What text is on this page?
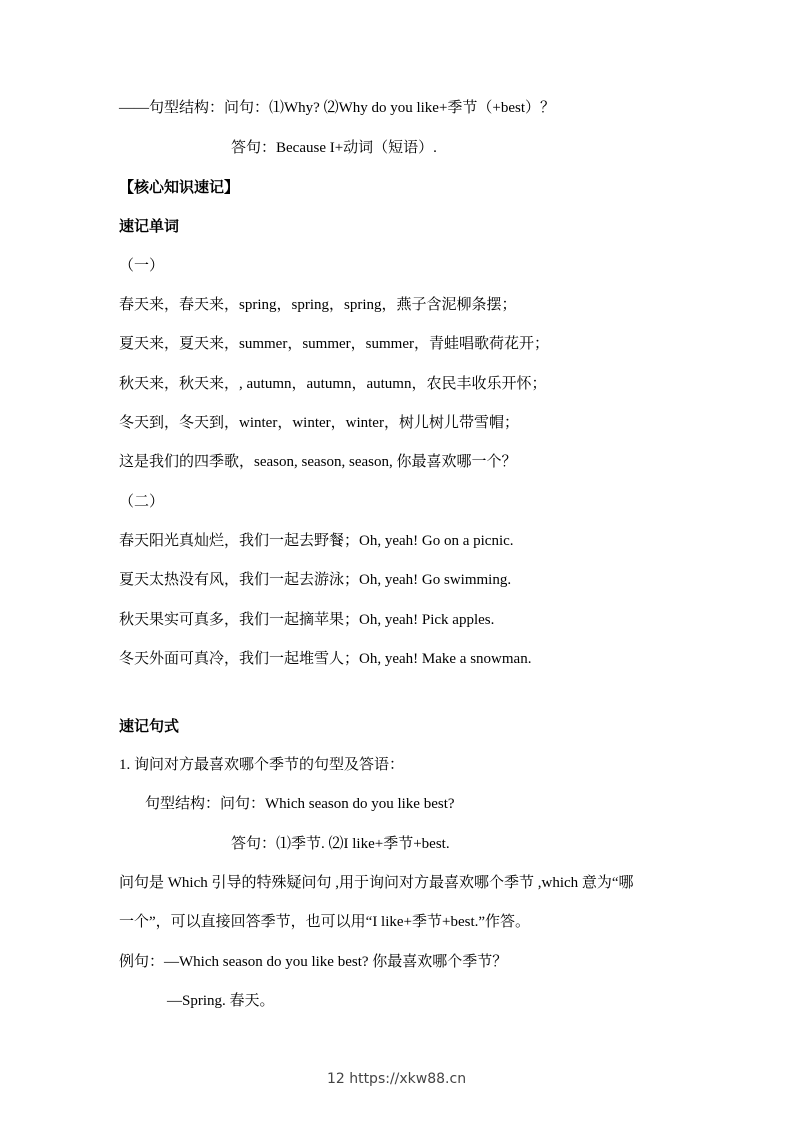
——句型结构：问句：⑴Why? ⑵Why do you like+季节（+best）？
答句：Because I+动词（短语）.
【核心知识速记】
速记单词
（一）
春天来，春天来，spring，spring，spring，燕子含泥柳条摆；
夏天来，夏天来，summer，summer，summer，青蛙唱歌荷花开；
秋天来，秋天来，, autumn，autumn，autumn，农民丰收乐开怀；
冬天到，冬天到，winter，winter，winter，树儿树儿带雪帽；
这是我们的四季歌，season, season, season, 你最喜欢哪一个？
（二）
春天阳光真灿烂，我们一起去野餐；Oh, yeah! Go on a picnic.
夏天太热没有风，我们一起去游泳；Oh, yeah! Go swimming.
秋天果实可真多，我们一起摘苹果；Oh, yeah! Pick apples.
冬天外面可真冷，我们一起堆雪人；Oh, yeah! Make a snowman.
速记句式
1. 询问对方最喜欢哪个季节的句型及答语：
句型结构：问句：Which season do you like best?
答句：⑴季节. ⑵I like+季节+best.
问句是 Which 引导的特殊疑问句 ,用于询问对方最喜欢哪个季节 ,which 意为“哪
一个”，可以直接回答季节，也可以用“I like+季节+best.”作答。
例句：—Which season do you like best? 你最喜欢哪个季节？
—Spring. 春天。
12 https://xkw88.cn
